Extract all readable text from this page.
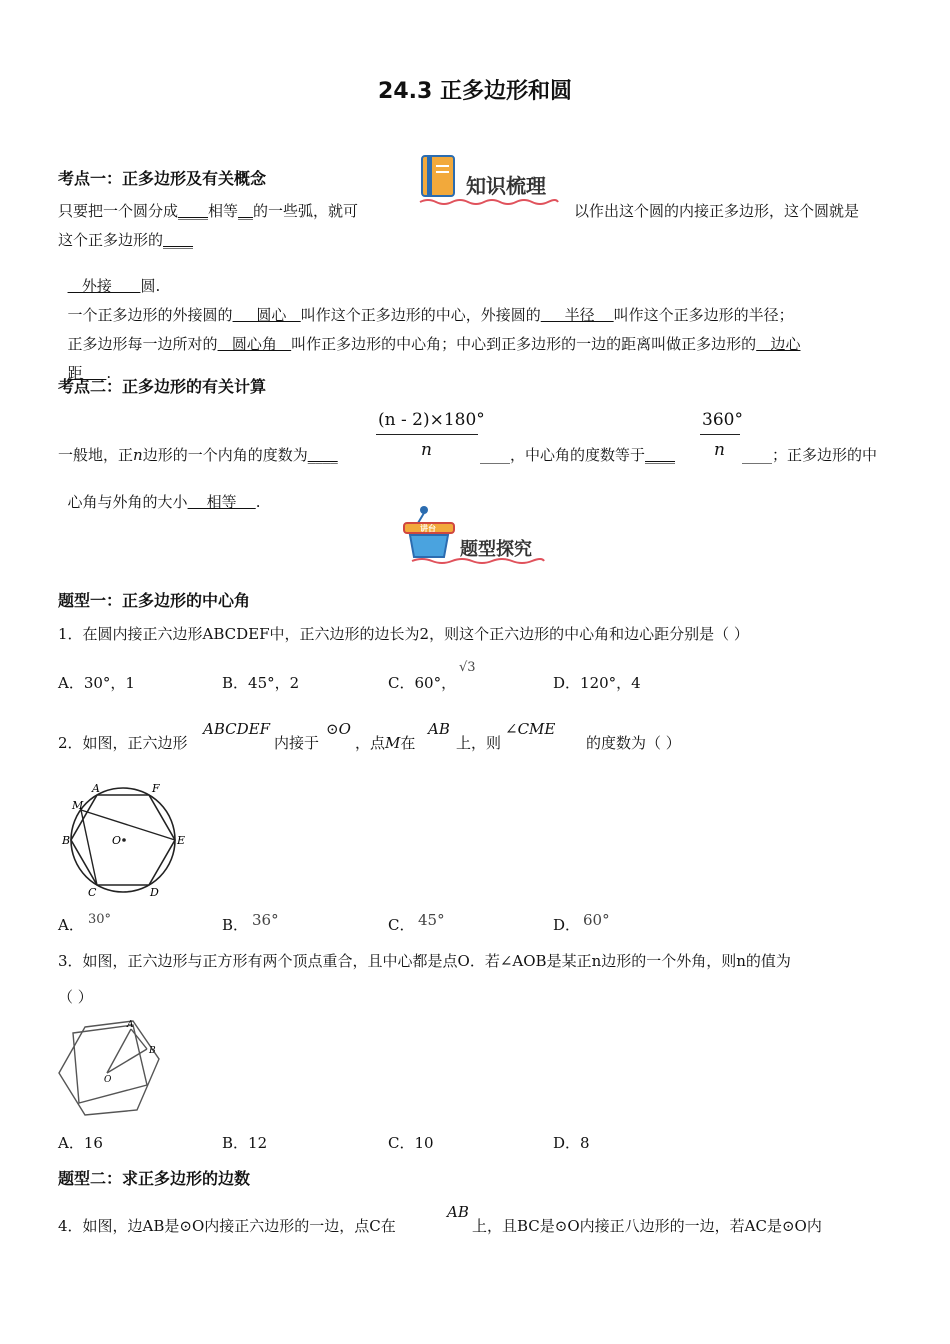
24.3 正多边形和圆
知识梳理
考点一：正多边形及有关概念
只要把一个圆分成____相等__的一些弧，就可	以作出这个圆的内接正多边形，这个圆就是
这个正多边形的____

外接      圆.

一个正多边形的外接圆的     圆心   叫作这个正多边形的中心，外接圆的     半径    叫作这个正多边形的半径；

正多边形每一边所对的   圆心角   叫作正多边形的中心角；中心到正多边形的一边的距离叫做正多边形的   边心

距     .

考点二：正多边形的有关计算
(n - 2)×180°
n
360°
n
一般地，正n边形的一个内角的度数为____	____，中心角的度数等于____	____；正多边形的中

心角与外角的大小    相等    .

讲台
题型探究
题型一：正多边形的中心角
1．在圆内接正六边形ABCDEF中，正六边形的边长为2，则这个正六边形的中心角和边心距分别是（ ）
A．30°，1	B．45°，2	C．60°，
√3
D．120°，4
2．如图，正六边形
ABCDEF
内接于
⊙O
，点M在
AB
上，则
∠CME
的度数为（ ）
A	F
M
B	O	E
C	D
A． 30°	B． 36°	C． 45°	D． 60°
3．如图，正六边形与正方形有两个顶点重合，且中心都是点O．若∠AOB是某正n边形的一个外角，则n的值为
（ ）
A
B
O
A．16	B．12	C．10	D．8
题型二：求正多边形的边数
4．如图，边AB是⊙O内接正六边形的一边，点C在
AB
上，且BC是⊙O内接正八边形的一边，若AC是⊙O内
